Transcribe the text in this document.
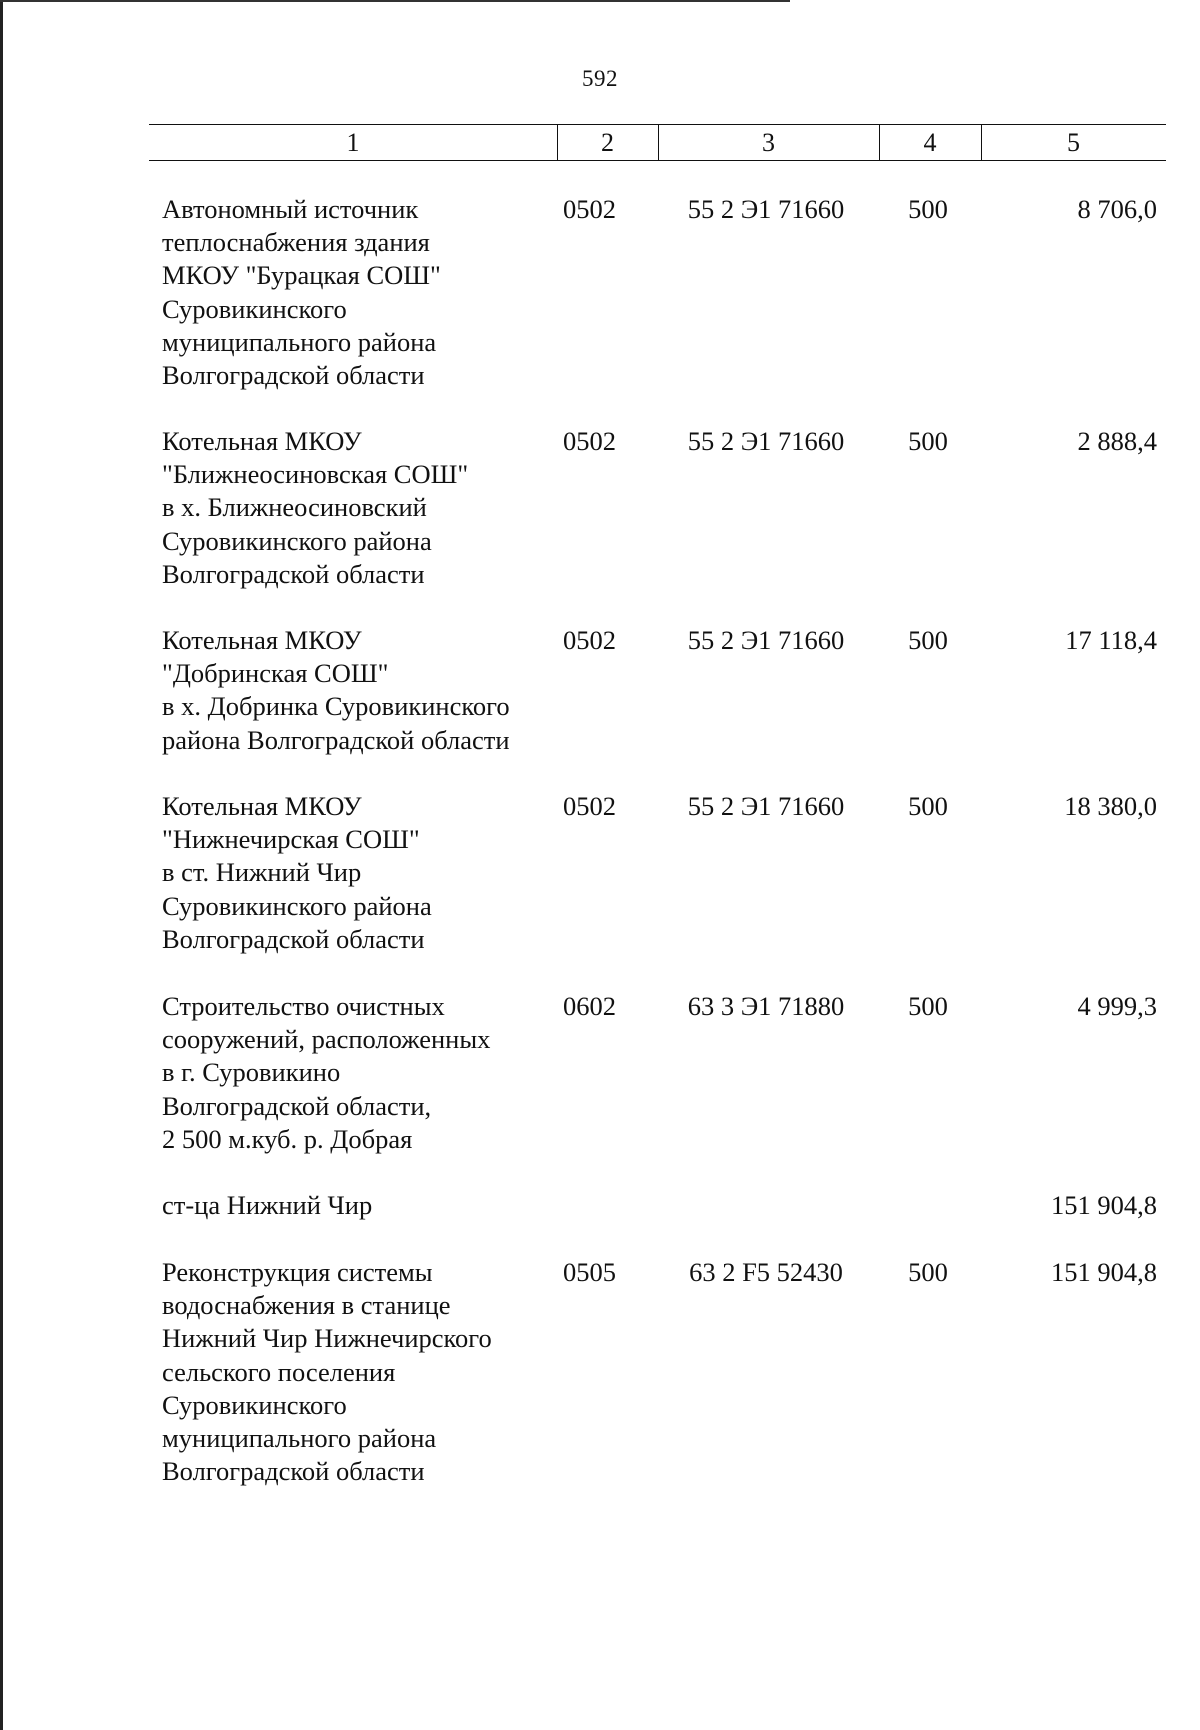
592
1	2	3	4	5
Автономный источник
теплоснабжения здания
МКОУ "Бурацкая СОШ"
Суровикинского
муниципального района
Волгоградской области
0502	55 2 Э1 71660	500	8 706,0
Котельная МКОУ
"Ближнеосиновская СОШ"
в х. Ближнеосиновский
Суровикинского района
Волгоградской области
0502	55 2 Э1 71660	500	2 888,4
Котельная МКОУ
"Добринская СОШ"
в х. Добринка Суровикинского
района Волгоградской области
0502	55 2 Э1 71660	500	17 118,4
Котельная МКОУ
"Нижнечирская СОШ"
в ст. Нижний Чир
Суровикинского района
Волгоградской области
0502	55 2 Э1 71660	500	18 380,0
Строительство очистных
сооружений, расположенных
в г. Суровикино
Волгоградской области,
2 500 м.куб. р. Добрая
0602	63 3 Э1 71880	500	4 999,3
ст-ца Нижний Чир	151 904,8
Реконструкция системы
водоснабжения в станице
Нижний Чир Нижнечирского
сельского поселения
Суровикинского
муниципального района
Волгоградской области
0505	63 2 F5 52430	500	151 904,8
